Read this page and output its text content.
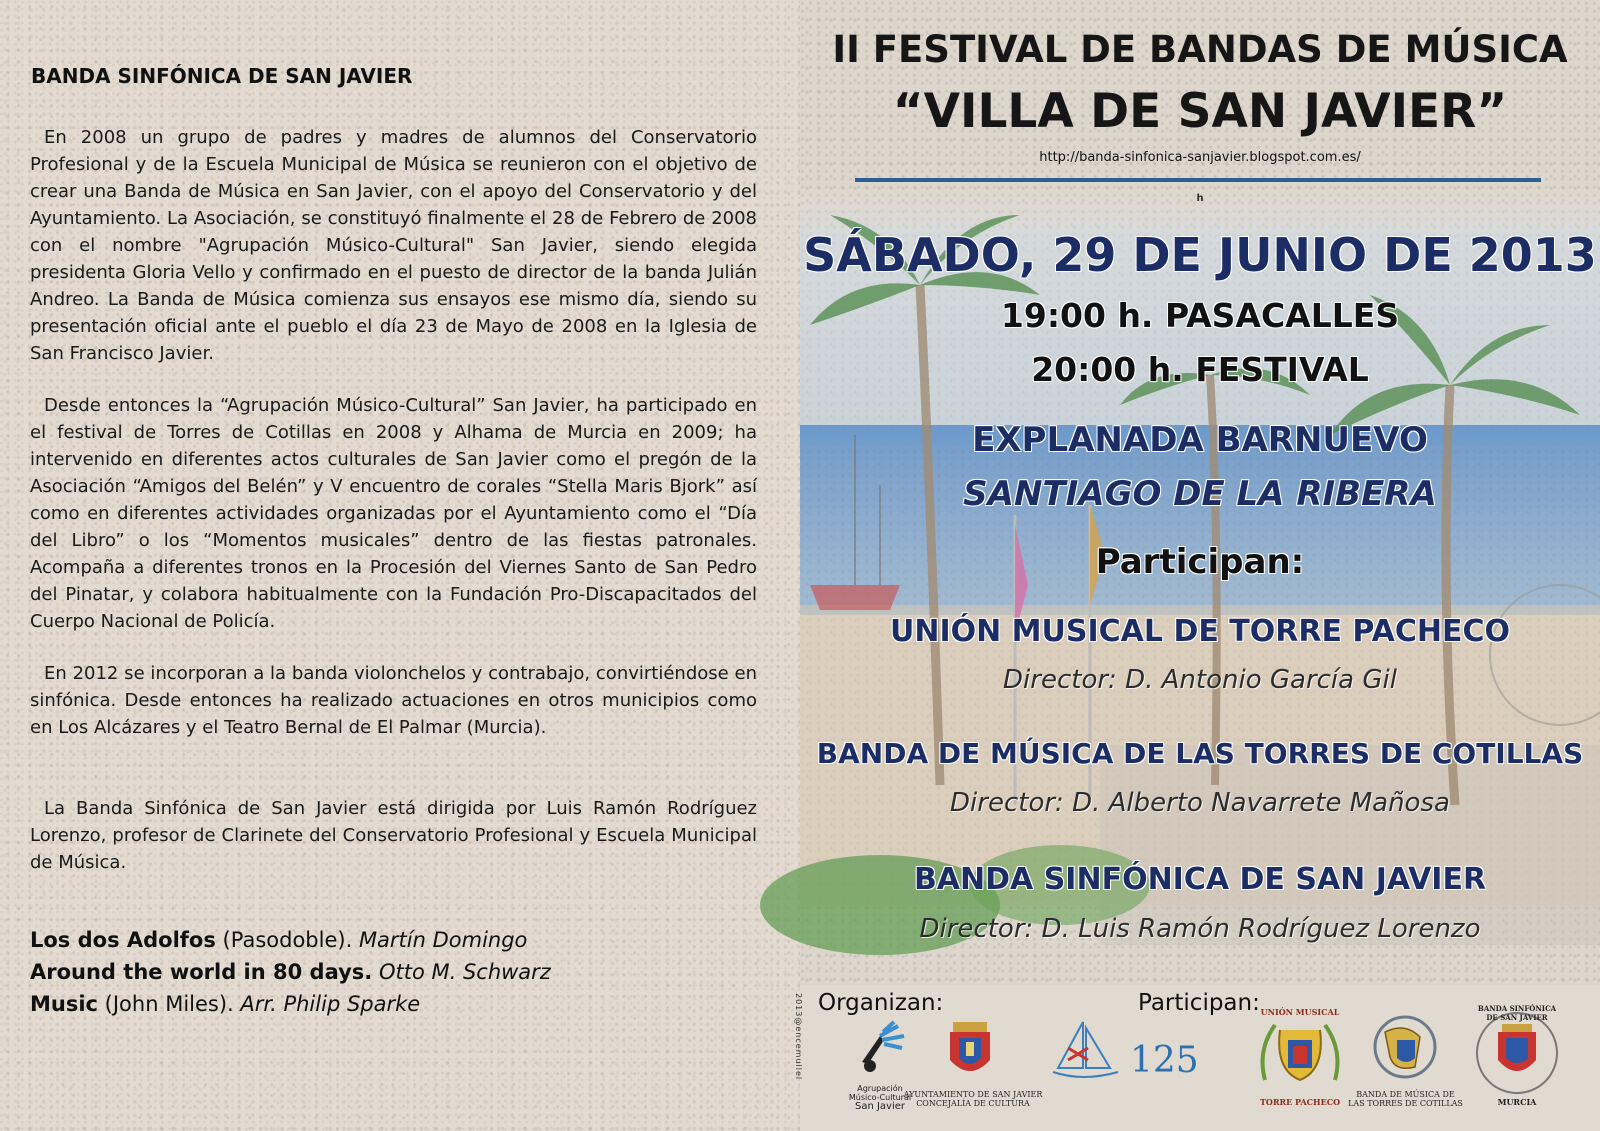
BANDA SINFÓNICA DE SAN JAVIER

En 2008 un grupo de padres y madres de alumnos del Conservatorio Profesional y de la Escuela Municipal de Música se reunieron con el objetivo de crear una Banda de Música en San Javier, con el apoyo del Conservatorio y del Ayuntamiento. La Asociación, se constituyó finalmente el 28 de Febrero de 2008 con el nombre "Agrupación Músico-Cultural" San Javier, siendo elegida presidenta Gloria Vello y confirmado en el puesto de director de la banda Julián Andreo. La Banda de Música comienza sus ensayos ese mismo día, siendo su presentación oficial ante el pueblo el día 23 de Mayo de 2008 en la Iglesia de San Francisco Javier.

Desde entonces la “Agrupación Músico-Cultural” San Javier, ha participado en el festival de Torres de Cotillas en 2008 y Alhama de Murcia en 2009; ha intervenido en diferentes actos culturales de San Javier como el pregón de la Asociación “Amigos del Belén” y V encuentro de corales “Stella Maris Bjork” así como en diferentes actividades organizadas por el Ayuntamiento como el “Día del Libro” o los “Momentos musicales” dentro de las fiestas patronales. Acompaña a diferentes tronos en la Procesión del Viernes Santo de San Pedro del Pinatar, y colabora habitualmente con la Fundación Pro-Discapacitados del Cuerpo Nacional de Policía.

En 2012 se incorporan a la banda violonchelos y contrabajo, convirtiéndose en sinfónica. Desde entonces ha realizado actuaciones en otros municipios como en Los Alcázares y el Teatro Bernal de El Palmar (Murcia).

La Banda Sinfónica de San Javier está dirigida por Luis Ramón Rodríguez Lorenzo, profesor de Clarinete del Conservatorio Profesional y Escuela Municipal de Música.

Los dos Adolfos (Pasodoble). Martín Domingo
Around the world in 80 days. Otto M. Schwarz
Music (John Miles). Arr. Philip Sparke
II FESTIVAL DE BANDAS DE MÚSICA
“VILLA DE SAN JAVIER”
http://banda-sinfonica-sanjavier.blogspot.com.es/
h
SÁBADO, 29 DE JUNIO DE 2013
19:00 h. PASACALLES
20:00 h. FESTIVAL
EXPLANADA BARNUEVO
SANTIAGO DE LA RIBERA
Participan:
UNIÓN MUSICAL DE TORRE PACHECO
Director: D. Antonio García Gil
BANDA DE MÚSICA DE LAS TORRES DE COTILLAS
Director: D. Alberto Navarrete Mañosa
BANDA SINFÓNICA DE SAN JAVIER
Director: D. Luis Ramón Rodríguez Lorenzo
2013@encemullel Organizan:	Participan:
Agrupación
Músico-Cultural
San Javier
AYUNTAMIENTO DE SAN JAVIER
CONCEJALÍA DE CULTURA
125
UNIÓN MUSICAL
TORRE PACHECO
BANDA DE MÚSICA DE
LAS TORRES DE COTILLAS
BANDA SINFÓNICA DE SAN JAVIER
MURCIA
